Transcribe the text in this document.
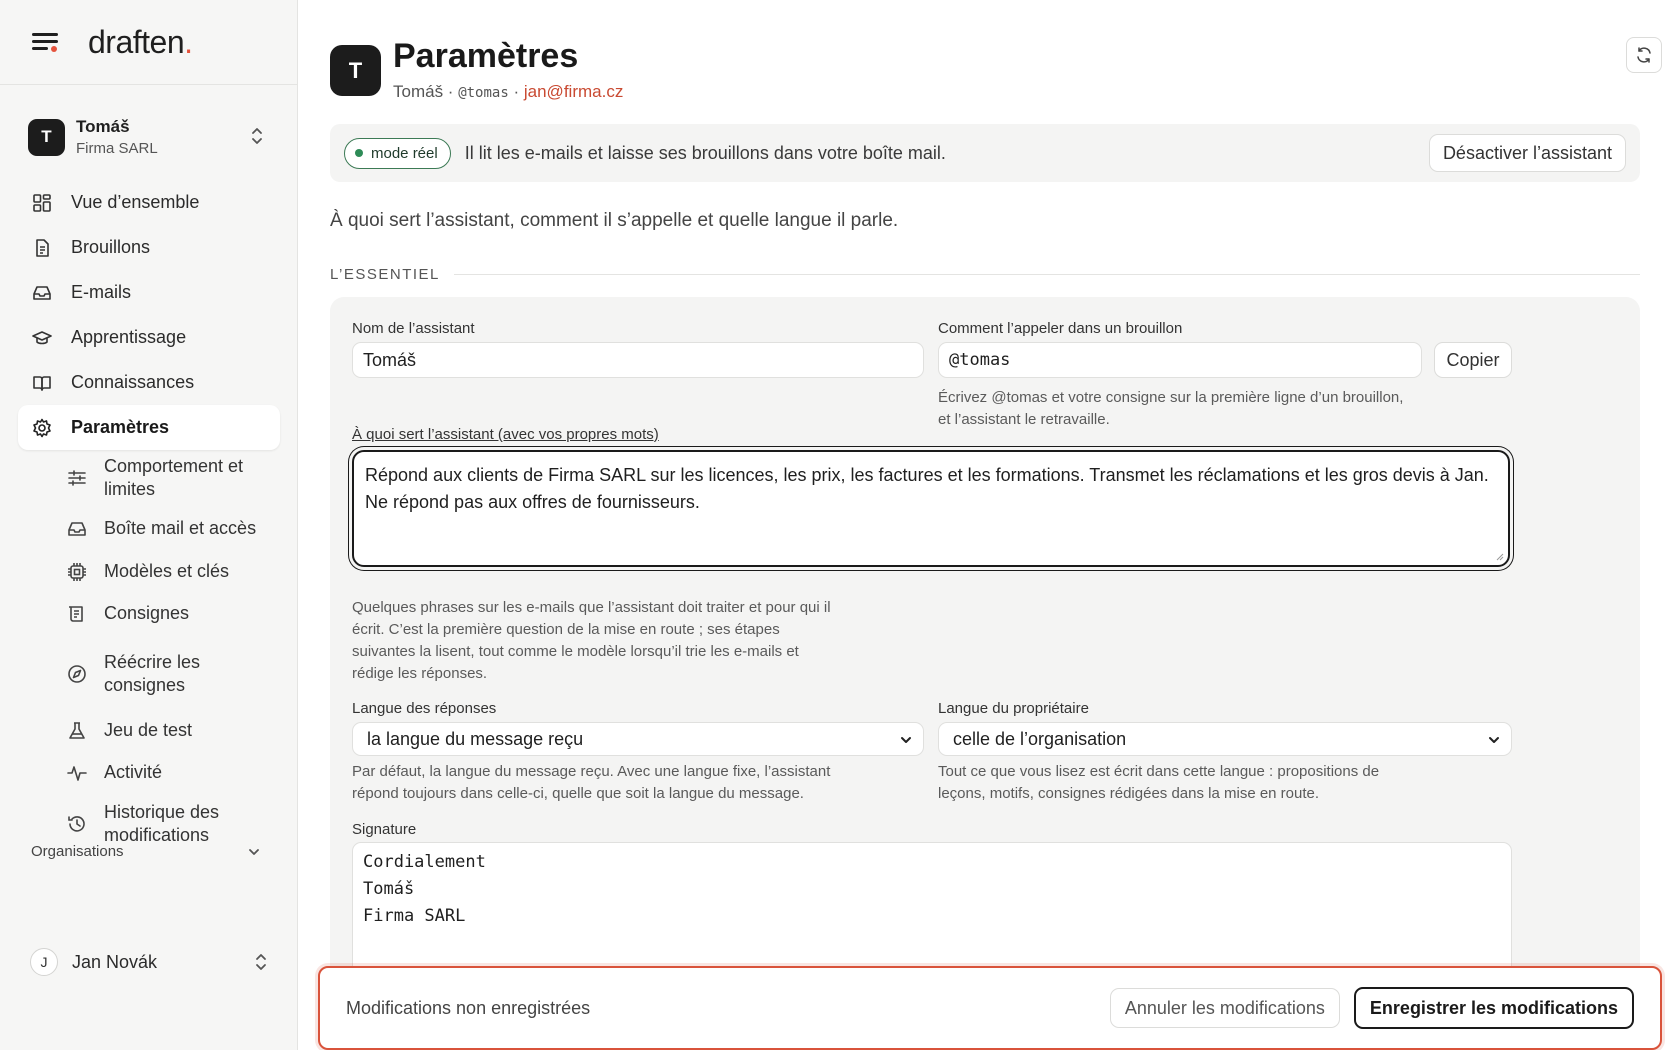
draften.
T
Tomáš
Firma SARL
Vue d’ensemble
Brouillons
E-mails
Apprentissage
Connaissances
Paramètres
Comportement et limites
Boîte mail et accès
Modèles et clés
Consignes
Réécrire les consignes
Jeu de test
Activité
Historique des modifications
Organisations
J	Jan Novák
T Paramètres
Tomáš · @tomas · jan@firma.cz
mode réel Il lit les e-mails et laisse ses brouillons dans votre boîte mail.	Désactiver l’assistant

À quoi sert l’assistant, comment il s’appelle et quelle langue il parle.

L’ESSENTIEL
Nom de l’assistant
Tomáš
Comment l’appeler dans un brouillon
@tomas	Copier
Écrivez @tomas et votre consigne sur la première ligne d’un brouillon, et l’assistant le retravaille.
À quoi sert l’assistant (avec vos propres mots)
Répond aux clients de Firma SARL sur les licences, les prix, les factures et les formations. Transmet les réclamations et les gros devis à Jan. Ne répond pas aux offres de fournisseurs.
Quelques phrases sur les e-mails que l’assistant doit traiter et pour qui il écrit. C’est la première question de la mise en route ; ses étapes suivantes la lisent, tout comme le modèle lorsqu’il trie les e-mails et rédige les réponses.
Langue des réponses
la langue du message reçu
Par défaut, la langue du message reçu. Avec une langue fixe, l’assistant répond toujours dans celle-ci, quelle que soit la langue du message.
Langue du propriétaire
celle de l’organisation
Tout ce que vous lisez est écrit dans cette langue : propositions de leçons, motifs, consignes rédigées dans la mise en route.
Signature
Cordialement
Tomáš
Firma SARL
Modifications non enregistrées	Annuler les modifications	Enregistrer les modifications
